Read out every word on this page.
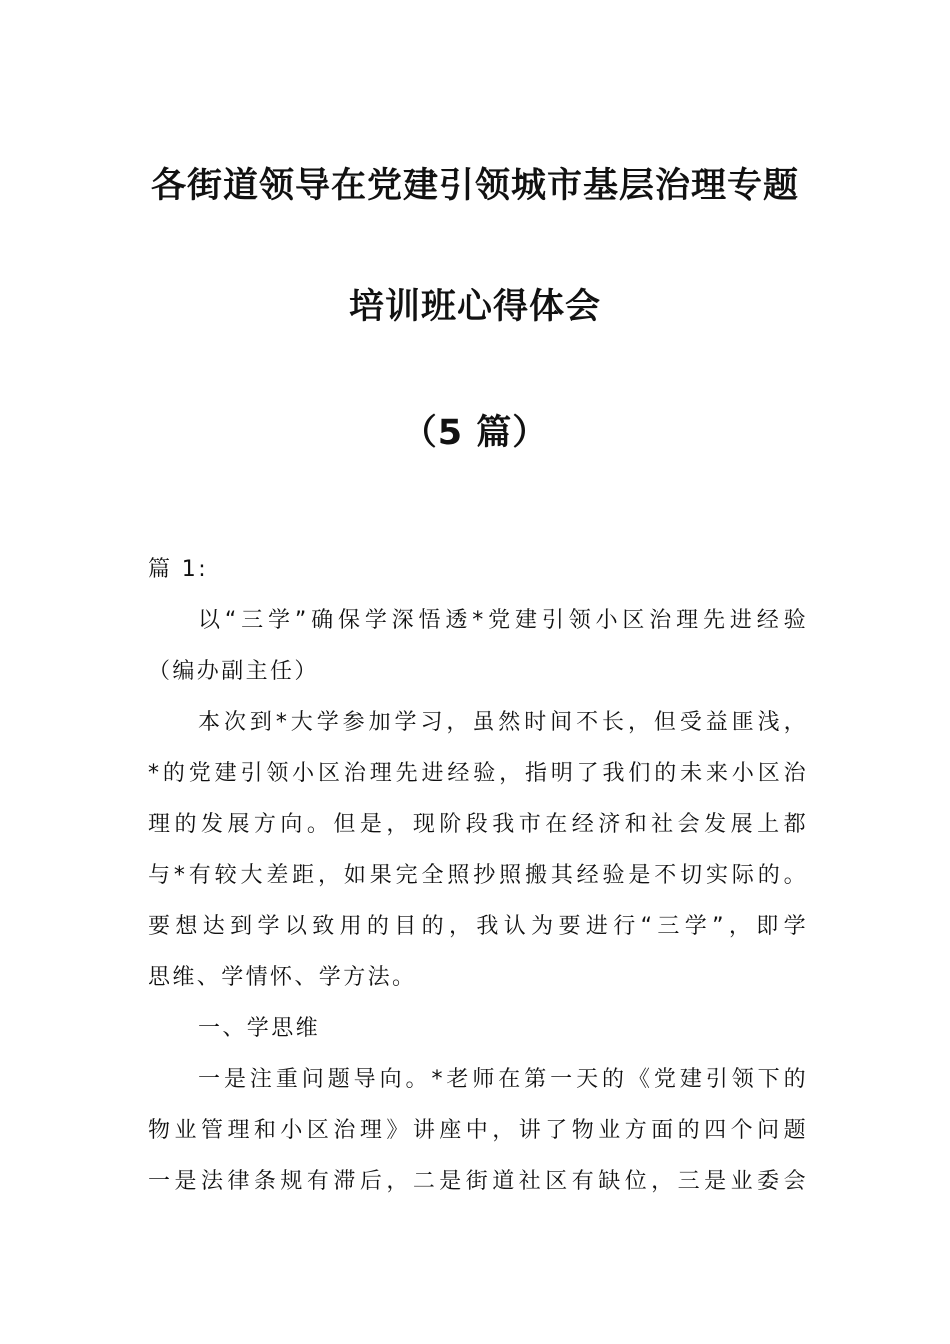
各街道领导在党建引领城市基层治理专题
培训班心得体会
（5 篇）
篇 1:
以“三学”确保学深悟透*党建引领小区治理先进经验
（编办副主任）
本次到*大学参加学习，虽然时间不长，但受益匪浅，
*的党建引领小区治理先进经验，指明了我们的未来小区治
理的发展方向。但是，现阶段我市在经济和社会发展上都
与*有较大差距，如果完全照抄照搬其经验是不切实际的。
要想达到学以致用的目的，我认为要进行“三学”，即学
思维、学情怀、学方法。
一、学思维
一是注重问题导向。*老师在第一天的《党建引领下的
物业管理和小区治理》讲座中，讲了物业方面的四个问题
一是法律条规有滞后，二是街道社区有缺位，三是业委会
